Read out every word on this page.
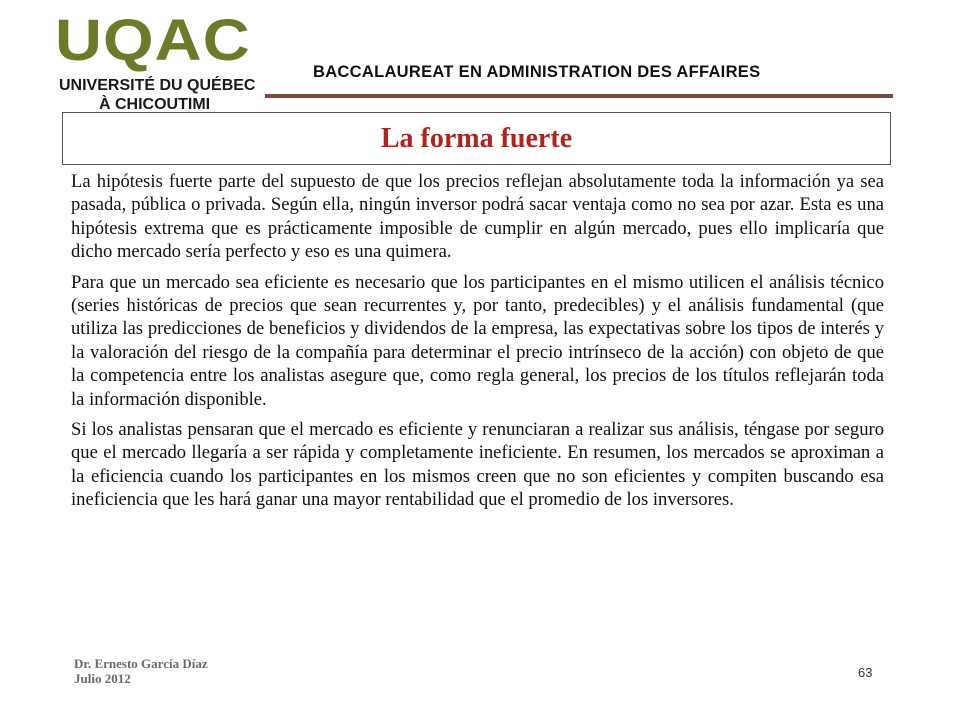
UQAC
UNIVERSITÉ DU QUÉBEC
À CHICOUTIMI
BACCALAUREAT EN ADMINISTRATION DES AFFAIRES
La forma fuerte

La hipótesis fuerte parte del supuesto de que los precios reflejan absolutamente toda la información ya sea pasada, pública o privada. Según ella, ningún inversor podrá sacar ventaja como no sea por azar. Esta es una hipótesis extrema que es prácticamente imposible de cumplir en algún mercado, pues ello implicaría que dicho mercado sería perfecto y eso es una quimera.

Para que un mercado sea eficiente es necesario que los participantes en el mismo utilicen el análisis técnico (series históricas de precios que sean recurrentes y, por tanto, predecibles) y el análisis fundamental (que utiliza las predicciones de beneficios y dividendos de la empresa, las expectativas sobre los tipos de interés y la valoración del riesgo de la compañía para determinar el precio intrínseco de la acción) con objeto de que la competencia entre los analistas asegure que, como regla general, los precios de los títulos reflejarán toda la información disponible.

Si los analistas pensaran que el mercado es eficiente y renunciaran a realizar sus análisis, téngase por seguro que el mercado llegaría a ser rápida y completamente ineficiente. En resumen, los mercados se aproximan a la eficiencia cuando los participantes en los mismos creen que no son eficientes y compiten buscando esa ineficiencia que les hará ganar una mayor rentabilidad que el promedio de los inversores.

Dr. Ernesto García Díaz
Julio 2012	63
